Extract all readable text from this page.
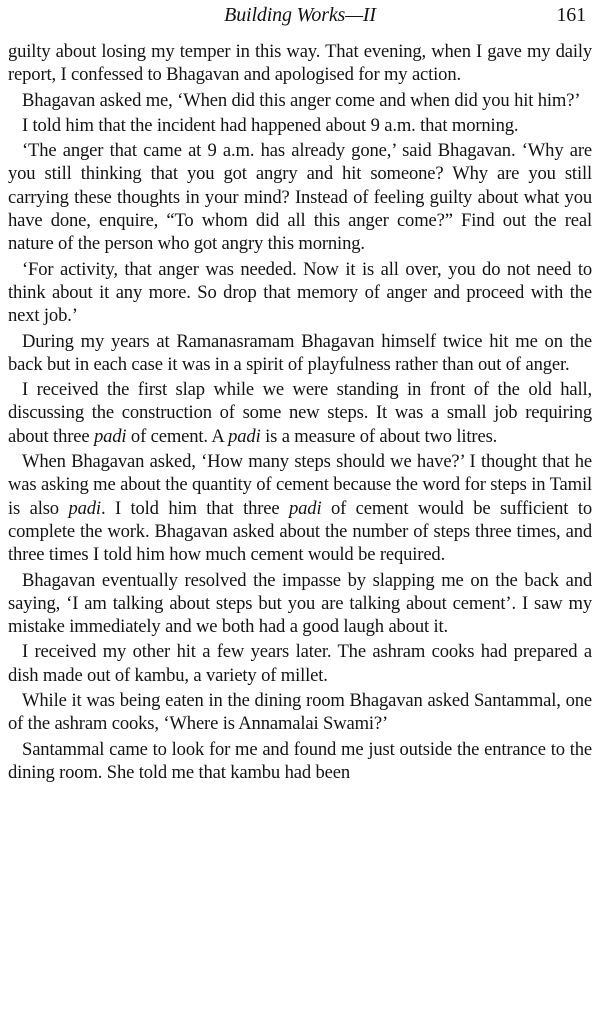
Building Works—II	161

guilty about losing my temper in this way. That evening, when I gave my daily report, I confessed to Bhagavan and apologised for my action.

Bhagavan asked me, ‘When did this anger come and when did you hit him?’

I told him that the incident had happened about 9 a.m. that morning.

‘The anger that came at 9 a.m. has already gone,’ said Bhagavan. ‘Why are you still thinking that you got angry and hit someone? Why are you still carrying these thoughts in your mind? Instead of feeling guilty about what you have done, enquire, “To whom did all this anger come?” Find out the real nature of the person who got angry this morning.

‘For activity, that anger was needed. Now it is all over, you do not need to think about it any more. So drop that memory of anger and proceed with the next job.’

During my years at Ramanasramam Bhagavan himself twice hit me on the back but in each case it was in a spirit of playfulness rather than out of anger.

I received the first slap while we were standing in front of the old hall, discussing the construction of some new steps. It was a small job requiring about three padi of cement. A padi is a measure of about two litres.

When Bhagavan asked, ‘How many steps should we have?’ I thought that he was asking me about the quantity of cement because the word for steps in Tamil is also padi. I told him that three padi of cement would be sufficient to complete the work. Bhagavan asked about the number of steps three times, and three times I told him how much cement would be required.

Bhagavan eventually resolved the impasse by slapping me on the back and saying, ‘I am talking about steps but you are talking about cement’. I saw my mistake immediately and we both had a good laugh about it.

I received my other hit a few years later. The ashram cooks had prepared a dish made out of kambu, a variety of millet.

While it was being eaten in the dining room Bhagavan asked Santammal, one of the ashram cooks, ‘Where is Annamalai Swami?’

Santammal came to look for me and found me just outside the entrance to the dining room. She told me that kambu had been
